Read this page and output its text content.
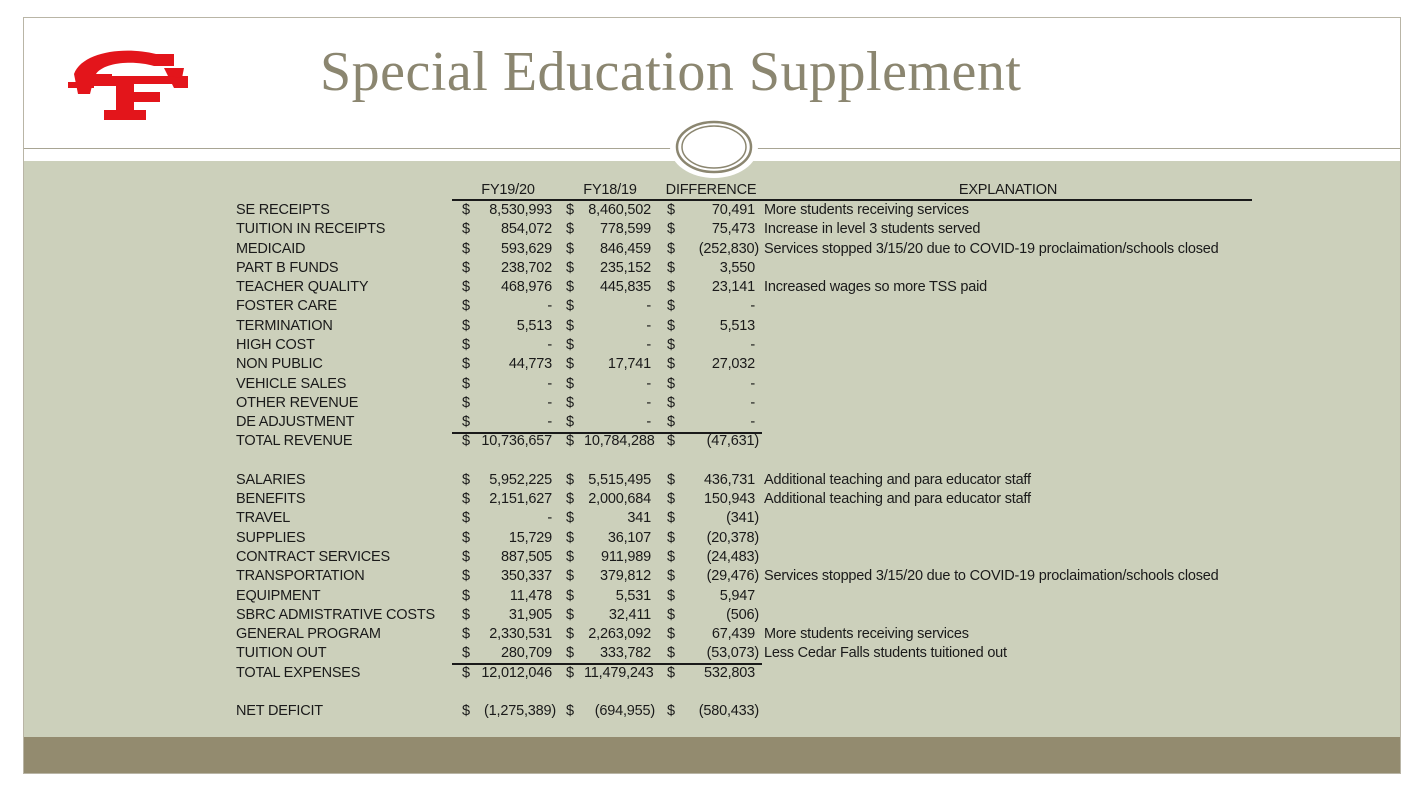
Special Education Supplement
FY19/20	FY18/19	DIFFERENCE	EXPLANATION
SE RECEIPTS	$	8,530,993 $ 8,460,502 $	70,491 More students receiving services
TUITION IN RECEIPTS	$	854,072 $	778,599 $	75,473 Increase in level 3 students served
MEDICAID	$	593,629 $	846,459 $	(252,830) Services stopped 3/15/20 due to COVID-19 proclaimation/schools closed
PART B FUNDS	$	238,702 $	235,152 $	3,550
TEACHER QUALITY	$	468,976 $	445,835 $	23,141 Increased wages so more TSS paid
FOSTER CARE	$	- $	- $	-
TERMINATION	$	5,513 $	- $	5,513
HIGH COST	$	- $	- $	-
NON PUBLIC	$	44,773 $	17,741 $	27,032
VEHICLE SALES	$	- $	- $	-
OTHER REVENUE	$	- $	- $	-
DE ADJUSTMENT	$	- $	- $	-
TOTAL REVENUE	$ 10,736,657 $ 10,784,288 $	(47,631)
SALARIES	$	5,952,225 $ 5,515,495 $	436,731 Additional teaching and para educator staff
BENEFITS	$	2,151,627 $ 2,000,684 $	150,943 Additional teaching and para educator staff
TRAVEL	$	- $	341 $	(341)
SUPPLIES	$	15,729 $	36,107 $	(20,378)
CONTRACT SERVICES	$	887,505 $	911,989 $	(24,483)
TRANSPORTATION	$	350,337 $	379,812 $	(29,476) Services stopped 3/15/20 due to COVID-19 proclaimation/schools closed
EQUIPMENT	$	11,478 $	5,531 $	5,947
SBRC ADMISTRATIVE COSTS $	31,905 $	32,411 $	(506)
GENERAL PROGRAM	$	2,330,531 $ 2,263,092 $	67,439 More students receiving services
TUITION OUT	$	280,709 $	333,782 $	(53,073) Less Cedar Falls students tuitioned out
TOTAL EXPENSES	$ 12,012,046 $ 11,479,243 $	532,803
NET DEFICIT	$ (1,275,389) $	(694,955) $	(580,433)
